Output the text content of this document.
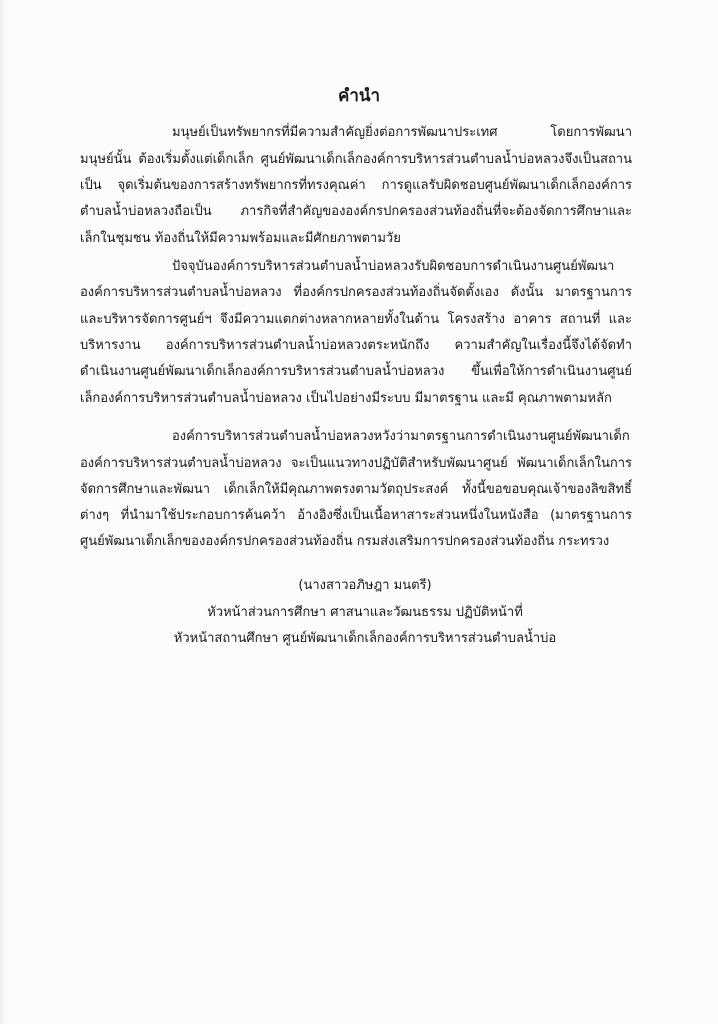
คำนำ
มนุษย์เป็นทรัพยากรที่มีความสำคัญยิ่งต่อการพัฒนาประเทศ โดยการพัฒนา
มนุษย์นั้น ต้องเริ่มตั้งแต่เด็กเล็ก ศูนย์พัฒนาเด็กเล็กองค์การบริหารส่วนตำบลน้ำบ่อหลวงจึงเป็นสถาน
เป็น จุดเริ่มต้นของการสร้างทรัพยากรที่ทรงคุณค่า การดูแลรับผิดชอบศูนย์พัฒนาเด็กเล็กองค์การ
ตำบลน้ำบ่อหลวงถือเป็น ภารกิจที่สำคัญขององค์กรปกครองส่วนท้องถิ่นที่จะต้องจัดการศึกษาและ
เล็กในชุมชน ท้องถิ่นให้มีความพร้อมและมีศักยภาพตามวัย
ปัจจุบันองค์การบริหารส่วนตำบลน้ำบ่อหลวงรับผิดชอบการดำเนินงานศูนย์พัฒนา
องค์การบริหารส่วนตำบลน้ำบ่อหลวง ที่องค์กรปกครองส่วนท้องถิ่นจัดตั้งเอง ดังนั้น มาตรฐานการ
และบริหารจัดการศูนย์ฯ จึงมีความแตกต่างหลากหลายทั้งในด้าน โครงสร้าง อาคาร สถานที่ และ
บริหารงาน องค์การบริหารส่วนตำบลน้ำบ่อหลวงตระหนักถึง ความสำคัญในเรื่องนี้จึงได้จัดทำ
ดำเนินงานศูนย์พัฒนาเด็กเล็กองค์การบริหารส่วนตำบลน้ำบ่อหลวง ขึ้นเพื่อให้การดำเนินงานศูนย์
เล็กองค์การบริหารส่วนตำบลน้ำบ่อหลวง เป็นไปอย่างมีระบบ มีมาตรฐาน และมี คุณภาพตามหลัก
องค์การบริหารส่วนตำบลน้ำบ่อหลวงหวังว่ามาตรฐานการดำเนินงานศูนย์พัฒนาเด็ก
องค์การบริหารส่วนตำบลน้ำบ่อหลวง จะเป็นแนวทางปฏิบัติสำหรับพัฒนาศูนย์ พัฒนาเด็กเล็กในการ
จัดการศึกษาและพัฒนา เด็กเล็กให้มีคุณภาพตรงตามวัตถุประสงค์ ทั้งนี้ขอขอบคุณเจ้าของลิขสิทธิ์
ต่างๆ ที่นำมาใช้ประกอบการค้นคว้า อ้างอิงซึ่งเป็นเนื้อหาสาระส่วนหนึ่งในหนังสือ (มาตรฐานการ
ศูนย์พัฒนาเด็กเล็กขององค์กรปกครองส่วนท้องถิ่น กรมส่งเสริมการปกครองส่วนท้องถิ่น กระทรวง
(นางสาวอภิษฎา มนตรี)
หัวหน้าส่วนการศึกษา ศาสนาและวัฒนธรรม ปฏิบัติหน้าที่
หัวหน้าสถานศึกษา ศูนย์พัฒนาเด็กเล็กองค์การบริหารส่วนตำบลน้ำบ่อ
